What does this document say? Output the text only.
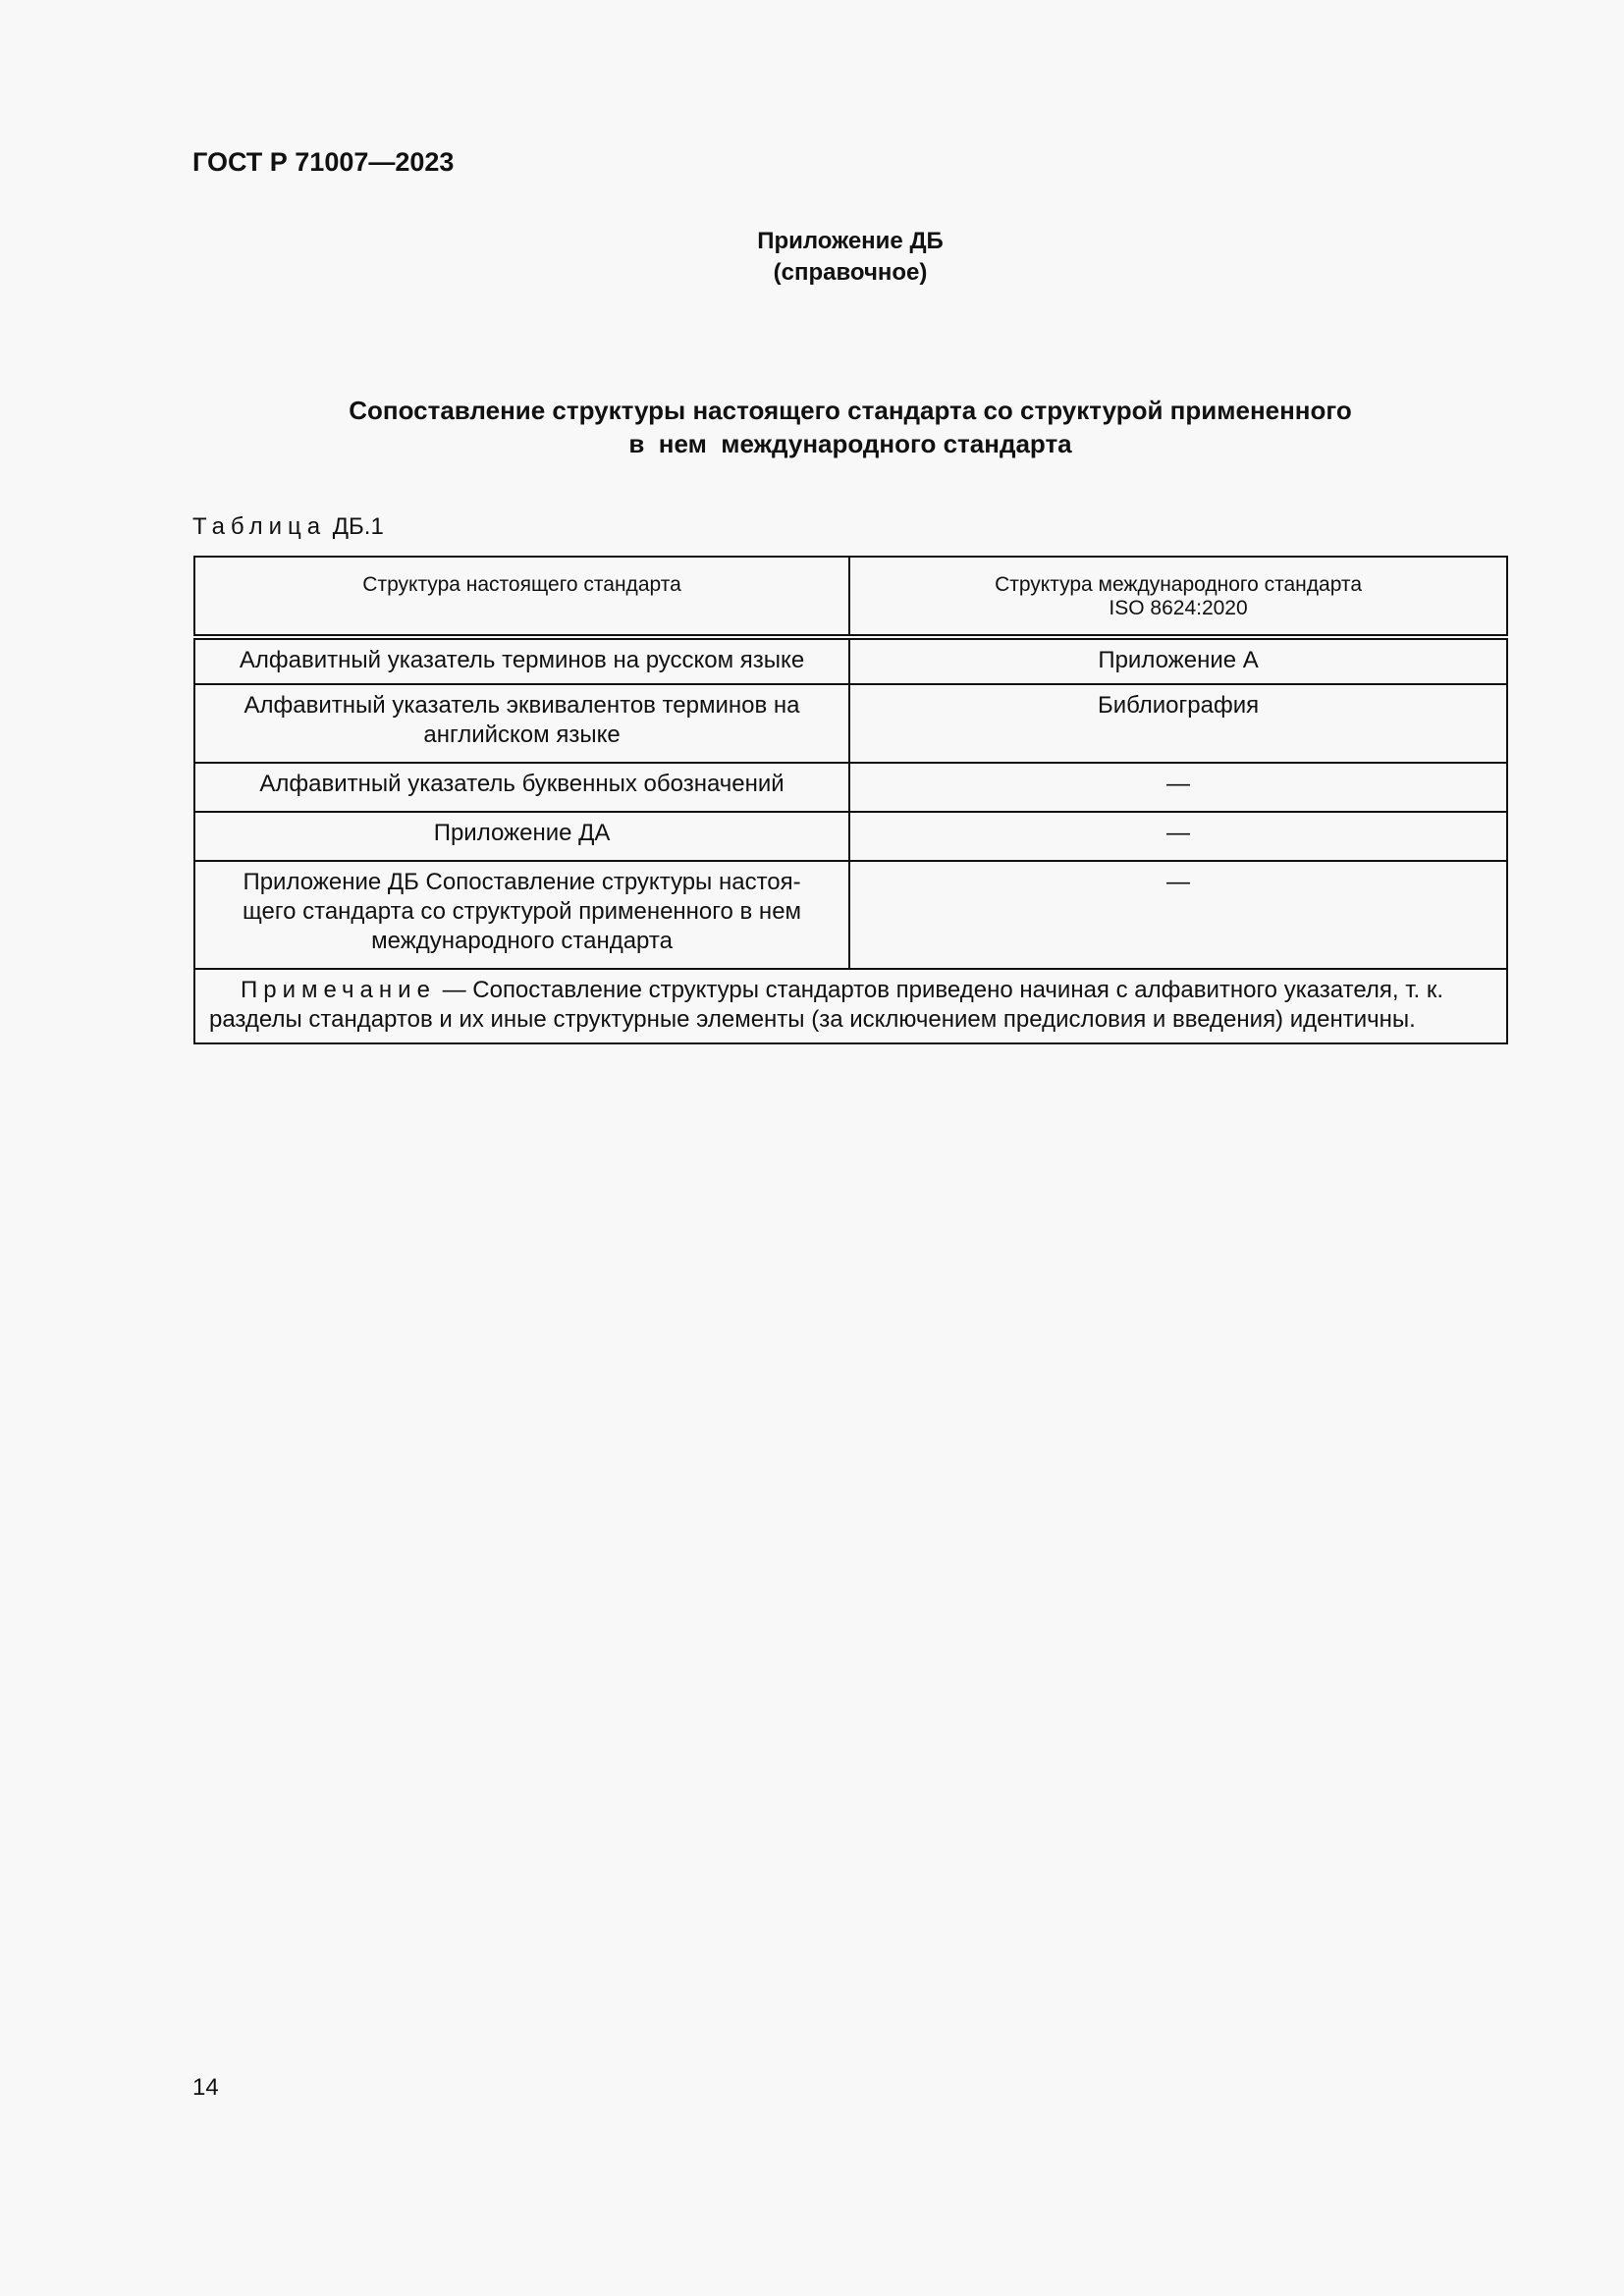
ГОСТ Р 71007—2023
Приложение ДБ
(справочное)
Сопоставление структуры настоящего стандарта со структурой примененного
в  нем  международного стандарта
Таблица ДБ.1
Структура настоящего стандарта	Структура международного стандарта
ISO 8624:2020

Алфавитный указатель терминов на русском языке	Приложение А

Алфавитный указатель эквивалентов терминов на
английском языке	Библиография

Алфавитный указатель буквенных обозначений	—

Приложение ДА	—

Приложение ДБ Сопоставление структуры настоя-
щего стандарта со структурой примененного в нем
международного стандарта	—

Примечание — Сопоставление структуры стандартов приведено начиная с алфавитного указателя, т. к.
разделы стандартов и их иные структурные элементы (за исключением предисловия и введения) идентичны.	
14
